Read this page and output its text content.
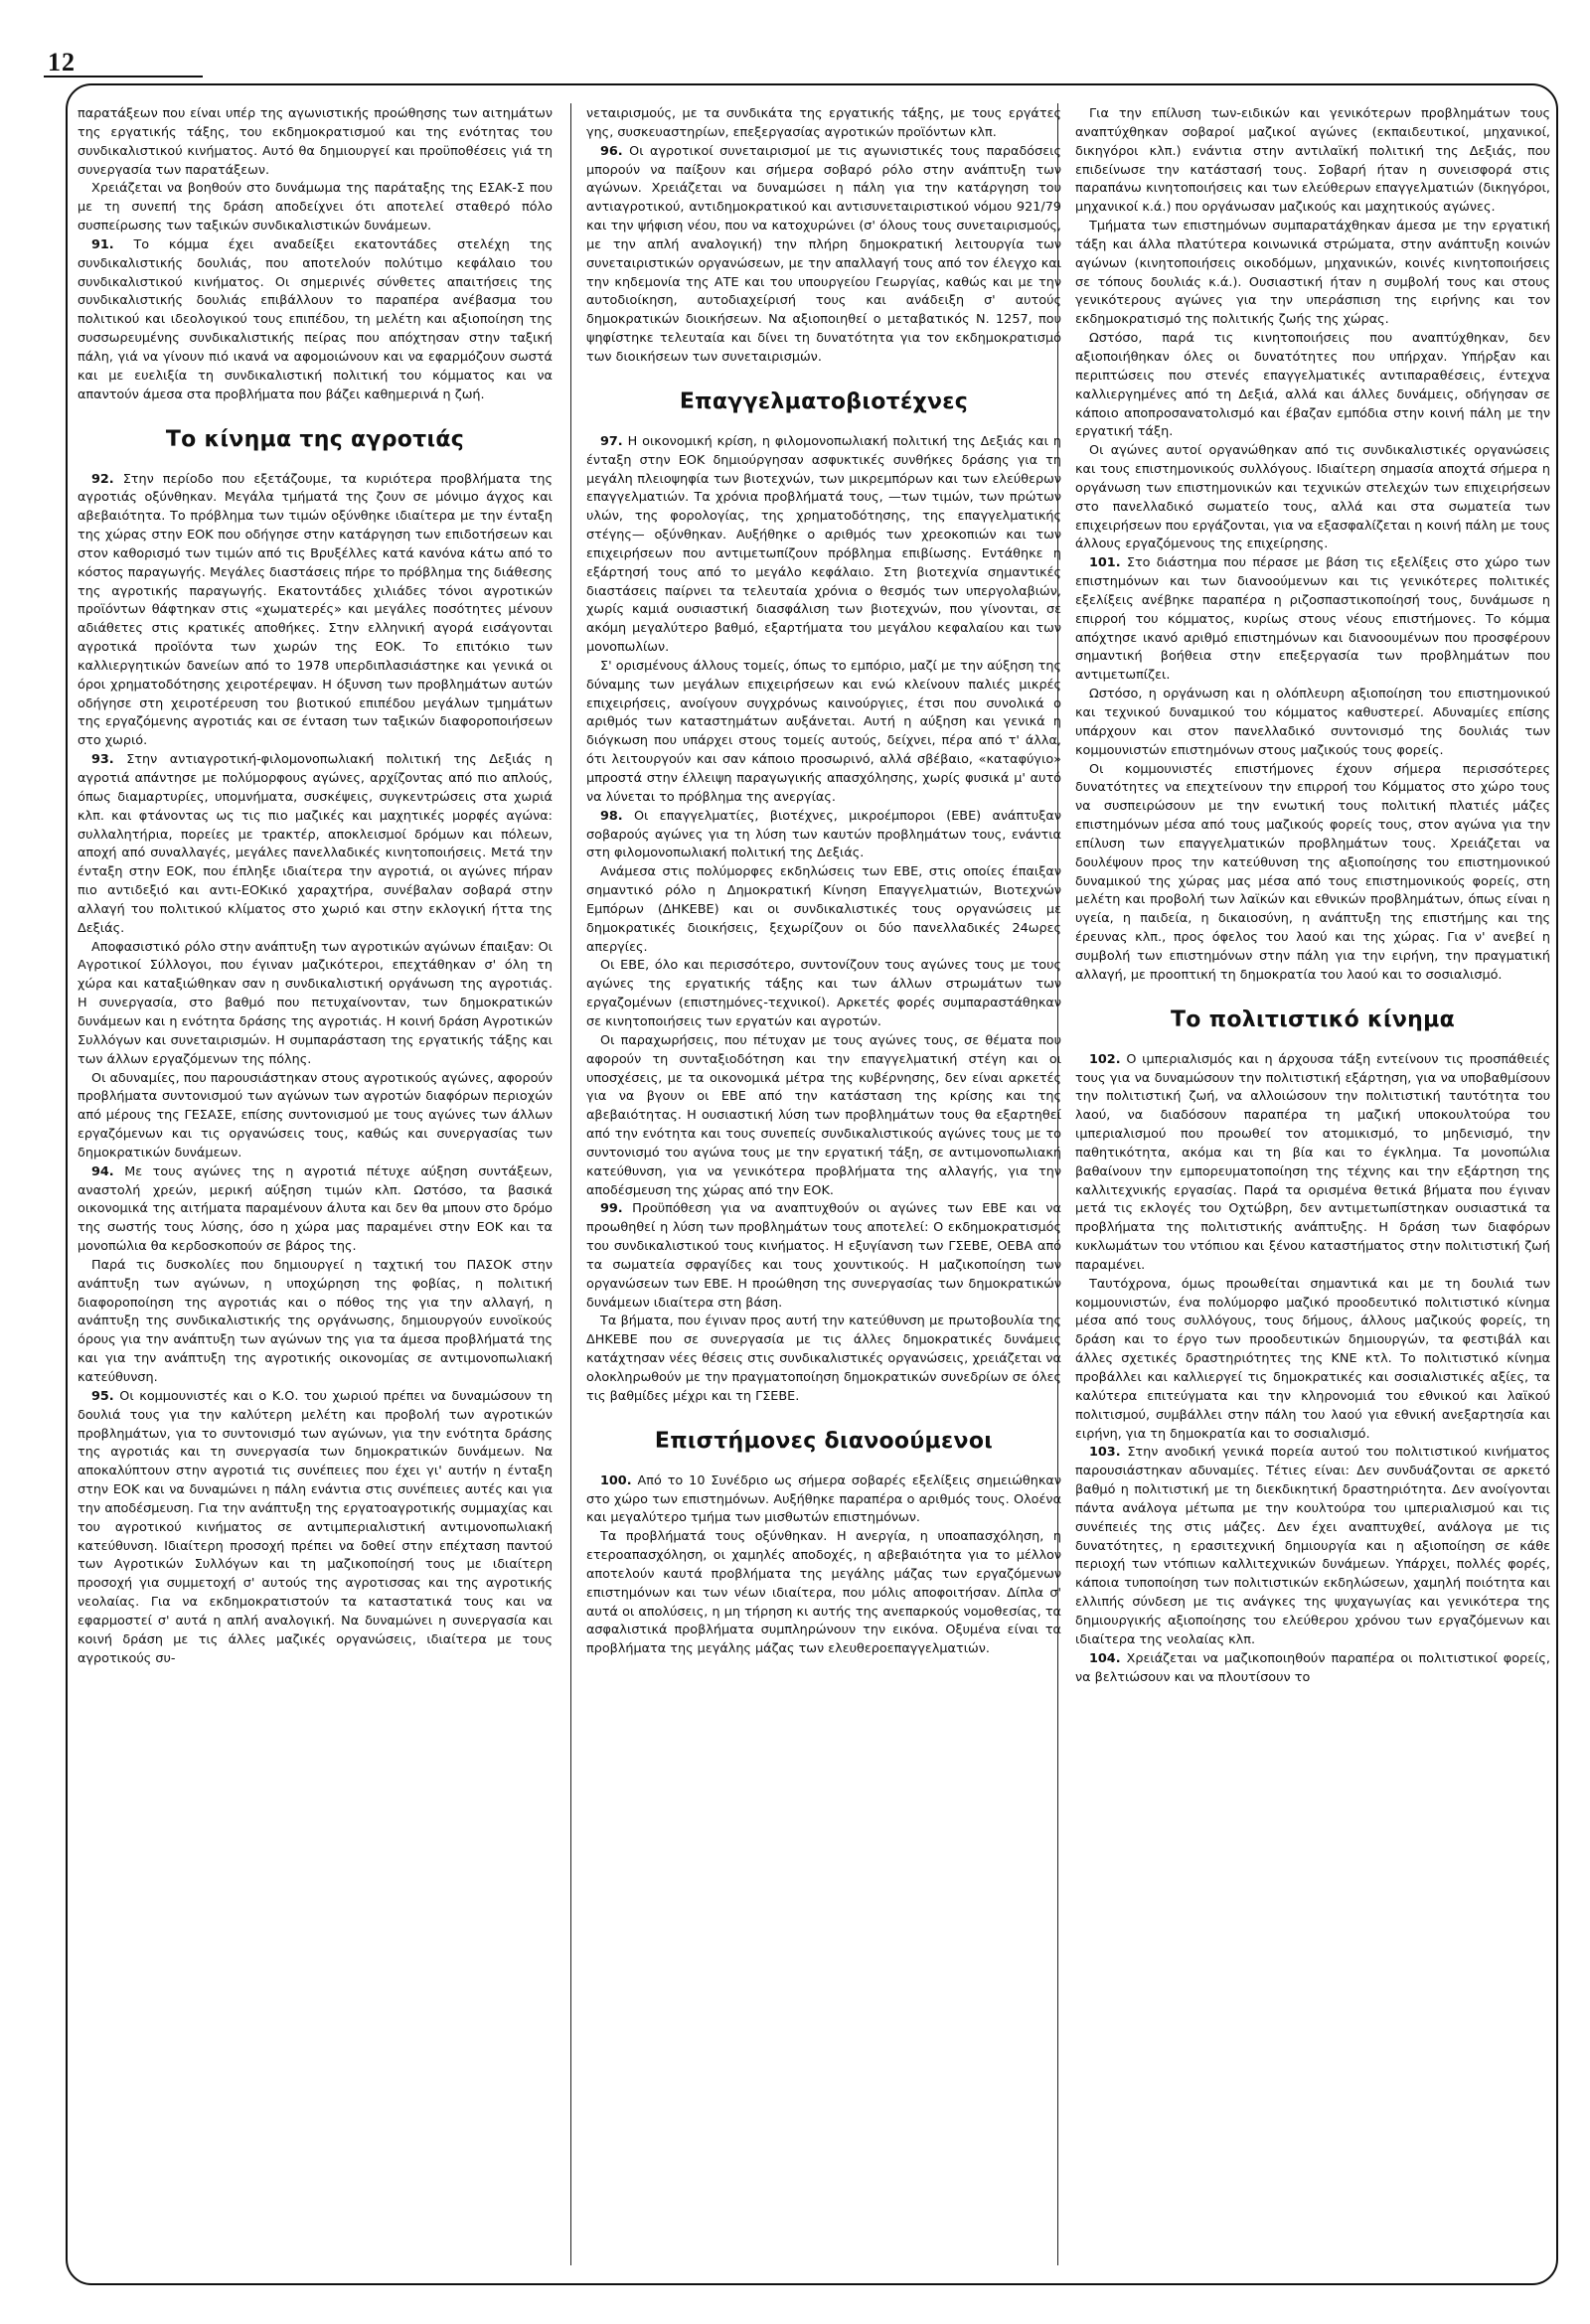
12

παρατάξεων που είναι υπέρ της αγωνιστικής προώθησης των αιτημάτων της εργατικής τάξης, του εκδημοκρατισμού και της ενότητας του συνδικαλιστικού κινήματος. Αυτό θα δημιουργεί και προϋποθέσεις γιά τη συνεργασία των παρατάξεων.

Χρειάζεται να βοηθούν στο δυνάμωμα της παράταξης της ΕΣΑΚ-Σ που με τη συνεπή της δράση αποδείχνει ότι αποτελεί σταθερό πόλο συσπείρωσης των ταξικών συνδικαλιστικών δυνάμεων.

91. Το κόμμα έχει αναδείξει εκατοντάδες στελέχη της συνδικαλιστικής δουλιάς, που αποτελούν πολύτιμο κεφάλαιο του συνδικαλιστικού κινήματος. Οι σημερινές σύνθετες απαιτήσεις της συνδικαλιστικής δουλιάς επιβάλλουν το παραπέρα ανέβασμα του πολιτικού και ιδεολογικού τους επιπέδου, τη μελέτη και αξιοποίηση της συσσωρευμένης συνδικαλιστικής πείρας που απόχτησαν στην ταξική πάλη, γιά να γίνουν πιό ικανά να αφομοιώνουν και να εφαρμόζουν σωστά και με ευελιξία τη συνδικαλιστική πολιτική του κόμματος και να απαντούν άμεσα στα προβλήματα που βάζει καθημερινά η ζωή.

Το κίνημα της αγροτιάς

92. Στην περίοδο που εξετάζουμε, τα κυριότερα προβλήματα της αγροτιάς οξύνθηκαν. Μεγάλα τμήματά της ζουν σε μόνιμο άγχος και αβεβαιότητα. Το πρόβλημα των τιμών οξύνθηκε ιδιαίτερα με την ένταξη της χώρας στην ΕΟΚ που οδήγησε στην κατάργηση των επιδοτήσεων και στον καθορισμό των τιμών από τις Βρυξέλλες κατά κανόνα κάτω από το κόστος παραγωγής. Μεγάλες διαστάσεις πήρε το πρόβλημα της διάθεσης της αγροτικής παραγωγής. Εκατοντάδες χιλιάδες τόνοι αγροτικών προϊόντων θάφτηκαν στις «χωματερές» και μεγάλες ποσότητες μένουν αδιάθετες στις κρατικές αποθήκες. Στην ελληνική αγορά εισάγονται αγροτικά προϊόντα των χωρών της ΕΟΚ. Το επιτόκιο των καλλιεργητικών δανείων από το 1978 υπερδιπλασιάστηκε και γενικά οι όροι χρηματοδότησης χειροτέρεψαν. Η όξυνση των προβλημάτων αυτών οδήγησε στη χειροτέρευση του βιοτικού επιπέδου μεγάλων τμημάτων της εργαζόμενης αγροτιάς και σε ένταση των ταξικών διαφοροποιήσεων στο χωριό.

93. Στην αντιαγροτική-φιλομονοπωλιακή πολιτική της Δεξιάς η αγροτιά απάντησε με πολύμορφους αγώνες, αρχίζοντας από πιο απλούς, όπως διαμαρτυρίες, υπομνήματα, συσκέψεις, συγκεντρώσεις στα χωριά κλπ. και φτάνοντας ως τις πιο μαζικές και μαχητικές μορφές αγώνα: συλλαλητήρια, πορείες με τρακτέρ, αποκλεισμοί δρόμων και πόλεων, αποχή από συναλλαγές, μεγάλες πανελλαδικές κινητοποιήσεις. Μετά την ένταξη στην ΕΟΚ, που έπληξε ιδιαίτερα την αγροτιά, οι αγώνες πήραν πιο αντιδεξιό και αντι-ΕΟΚικό χαραχτήρα, συνέβαλαν σοβαρά στην αλλαγή του πολιτικού κλίματος στο χωριό και στην εκλογική ήττα της Δεξιάς.

Αποφασιστικό ρόλο στην ανάπτυξη των αγροτικών αγώνων έπαιξαν: Οι Αγροτικοί Σύλλογοι, που έγιναν μαζικότεροι, επεχτάθηκαν σ' όλη τη χώρα και καταξιώθηκαν σαν η συνδικαλιστική οργάνωση της αγροτιάς. Η συνεργασία, στο βαθμό που πετυχαίνονταν, των δημοκρατικών δυνάμεων και η ενότητα δράσης της αγροτιάς. Η κοινή δράση Αγροτικών Συλλόγων και συνεταιρισμών. Η συμπαράσταση της εργατικής τάξης και των άλλων εργαζόμενων της πόλης.

Οι αδυναμίες, που παρουσιάστηκαν στους αγροτικούς αγώνες, αφορούν προβλήματα συντονισμού των αγώνων των αγροτών διαφόρων περιοχών από μέρους της ΓΕΣΑΣΕ, επίσης συντονισμού με τους αγώνες των άλλων εργαζόμενων και τις οργανώσεις τους, καθώς και συνεργασίας των δημοκρατικών δυνάμεων.

94. Με τους αγώνες της η αγροτιά πέτυχε αύξηση συντάξεων, αναστολή χρεών, μερική αύξηση τιμών κλπ. Ωστόσο, τα βασικά οικονομικά της αιτήματα παραμένουν άλυτα και δεν θα μπουν στο δρόμο της σωστής τους λύσης, όσο η χώρα μας παραμένει στην ΕΟΚ και τα μονοπώλια θα κερδοσκοπούν σε βάρος της.

Παρά τις δυσκολίες που δημιουργεί η ταχτική του ΠΑΣΟΚ στην ανάπτυξη των αγώνων, η υποχώρηση της φοβίας, η πολιτική διαφοροποίηση της αγροτιάς και ο πόθος της για την αλλαγή, η ανάπτυξη της συνδικαλιστικής της οργάνωσης, δημιουργούν ευνοϊκούς όρους για την ανάπτυξη των αγώνων της για τα άμεσα προβλήματά της και για την ανάπτυξη της αγροτικής οικονομίας σε αντιμονοπωλιακή κατεύθυνση.

95. Οι κομμουνιστές και ο Κ.Ο. του χωριού πρέπει να δυναμώσουν τη δουλιά τους για την καλύτερη μελέτη και προβολή των αγροτικών προβλημάτων, για το συντονισμό των αγώνων, για την ενότητα δράσης της αγροτιάς και τη συνεργασία των δημοκρατικών δυνάμεων. Να αποκαλύπτουν στην αγροτιά τις συνέπειες που έχει γι' αυτήν η ένταξη στην ΕΟΚ και να δυναμώνει η πάλη ενάντια στις συνέπειες αυτές και για την αποδέσμευση. Για την ανάπτυξη της εργατοαγροτικής συμμαχίας και του αγροτικού κινήματος σε αντιμπεριαλιστική αντιμονοπωλιακή κατεύθυνση. Ιδιαίτερη προσοχή πρέπει να δοθεί στην επέχταση παντού των Αγροτικών Συλλόγων και τη μαζικοποίησή τους με ιδιαίτερη προσοχή για συμμετοχή σ' αυτούς της αγροτισσας και της αγροτικής νεολαίας. Για να εκδημοκρατιστούν τα καταστατικά τους και να εφαρμοστεί σ' αυτά η απλή αναλογική. Να δυναμώνει η συνεργασία και κοινή δράση με τις άλλες μαζικές οργανώσεις, ιδιαίτερα με τους αγροτικούς συ-

νεταιρισμούς, με τα συνδικάτα της εργατικής τάξης, με τους εργάτες γης, συσκευαστηρίων, επεξεργασίας αγροτικών προϊόντων κλπ.

96. Οι αγροτικοί συνεταιρισμοί με τις αγωνιστικές τους παραδόσεις μπορούν να παίξουν και σήμερα σοβαρό ρόλο στην ανάπτυξη των αγώνων. Χρειάζεται να δυναμώσει η πάλη για την κατάργηση του αντιαγροτικού, αντιδημοκρατικού και αντισυνεταιριστικού νόμου 921/79 και την ψήφιση νέου, που να κατοχυρώνει (σ' όλους τους συνεταιρισμούς, με την απλή αναλογική) την πλήρη δημοκρατική λειτουργία των συνεταιριστικών οργανώσεων, με την απαλλαγή τους από τον έλεγχο και την κηδεμονία της ΑΤΕ και του υπουργείου Γεωργίας, καθώς και με την αυτοδιοίκηση, αυτοδιαχείρισή τους και ανάδειξη σ' αυτούς δημοκρατικών διοικήσεων. Να αξιοποιηθεί ο μεταβατικός Ν. 1257, που ψηφίστηκε τελευταία και δίνει τη δυνατότητα για τον εκδημοκρατισμό των διοικήσεων των συνεταιρισμών.

Επαγγελματοβιοτέχνες

97. Η οικονομική κρίση, η φιλομονοπωλιακή πολιτική της Δεξιάς και η ένταξη στην ΕΟΚ δημιούργησαν ασφυκτικές συνθήκες δράσης για τη μεγάλη πλειοψηφία των βιοτεχνών, των μικρεμπόρων και των ελεύθερων επαγγελματιών. Τα χρόνια προβλήματά τους, —των τιμών, των πρώτων υλών, της φορολογίας, της χρηματοδότησης, της επαγγελματικής στέγης— οξύνθηκαν. Αυξήθηκε ο αριθμός των χρεοκοπιών και των επιχειρήσεων που αντιμετωπίζουν πρόβλημα επιβίωσης. Εντάθηκε η εξάρτησή τους από το μεγάλο κεφάλαιο. Στη βιοτεχνία σημαντικές διαστάσεις παίρνει τα τελευταία χρόνια ο θεσμός των υπεργολαβιών, χωρίς καμιά ουσιαστική διασφάλιση των βιοτεχνών, που γίνονται, σε ακόμη μεγαλύτερο βαθμό, εξαρτήματα του μεγάλου κεφαλαίου και των μονοπωλίων.

Σ' ορισμένους άλλους τομείς, όπως το εμπόριο, μαζί με την αύξηση της δύναμης των μεγάλων επιχειρήσεων και ενώ κλείνουν παλιές μικρές επιχειρήσεις, ανοίγουν συγχρόνως καινούργιες, έτσι που συνολικά ο αριθμός των καταστημάτων αυξάνεται. Αυτή η αύξηση και γενικά η διόγκωση που υπάρχει στους τομείς αυτούς, δείχνει, πέρα από τ' άλλα, ότι λειτουργούν και σαν κάποιο προσωρινό, αλλά σβέβαιο, «καταφύγιο» μπροστά στην έλλειψη παραγωγικής απασχόλησης, χωρίς φυσικά μ' αυτό να λύνεται το πρόβλημα της ανεργίας.

98. Οι επαγγελματίες, βιοτέχνες, μικροέμποροι (ΕΒΕ) ανάπτυξαν σοβαρούς αγώνες για τη λύση των καυτών προβλημάτων τους, ενάντια στη φιλομονοπωλιακή πολιτική της Δεξιάς.

Ανάμεσα στις πολύμορφες εκδηλώσεις των ΕΒΕ, στις οποίες έπαιξαν σημαντικό ρόλο η Δημοκρατική Κίνηση Επαγγελματιών, Βιοτεχνών Εμπόρων (ΔΗΚΕΒΕ) και οι συνδικαλιστικές τους οργανώσεις με δημοκρατικές διοικήσεις, ξεχωρίζουν οι δύο πανελλαδικές 24ωρες απεργίες.

Οι ΕΒΕ, όλο και περισσότερο, συντονίζουν τους αγώνες τους με τους αγώνες της εργατικής τάξης και των άλλων στρωμάτων των εργαζομένων (επιστημόνες-τεχνικοί). Αρκετές φορές συμπαραστάθηκαν σε κινητοποιήσεις των εργατών και αγροτών.

Οι παραχωρήσεις, που πέτυχαν με τους αγώνες τους, σε θέματα που αφορούν τη συνταξιοδότηση και την επαγγελματική στέγη και οι υποσχέσεις, με τα οικονομικά μέτρα της κυβέρνησης, δεν είναι αρκετές για να βγουν οι ΕΒΕ από την κατάσταση της κρίσης και της αβεβαιότητας. Η ουσιαστική λύση των προβλημάτων τους θα εξαρτηθεί από την ενότητα και τους συνεπείς συνδικαλιστικούς αγώνες τους με το συντονισμό του αγώνα τους με την εργατική τάξη, σε αντιμονοπωλιακή κατεύθυνση, για να γενικότερα προβλήματα της αλλαγής, για την αποδέσμευση της χώρας από την ΕΟΚ.

99. Προϋπόθεση για να αναπτυχθούν οι αγώνες των ΕΒΕ και να προωθηθεί η λύση των προβλημάτων τους αποτελεί: Ο εκδημοκρατισμός του συνδικαλιστικού τους κινήματος. Η εξυγίανση των ΓΣΕΒΕ, ΟΕΒΑ από τα σωματεία σφραγίδες και τους χουντικούς. Η μαζικοποίηση των οργανώσεων των ΕΒΕ. Η προώθηση της συνεργασίας των δημοκρατικών δυνάμεων ιδιαίτερα στη βάση.

Τα βήματα, που έγιναν προς αυτή την κατεύθυνση με πρωτοβουλία της ΔΗΚΕΒΕ που σε συνεργασία με τις άλλες δημοκρατικές δυνάμεις κατάχτησαν νέες θέσεις στις συνδικαλιστικές οργανώσεις, χρειάζεται να ολοκληρωθούν με την πραγματοποίηση δημοκρατικών συνεδρίων σε όλες τις βαθμίδες μέχρι και τη ΓΣΕΒΕ.

Επιστήμονες διανοούμενοι

100. Από το 10 Συνέδριο ως σήμερα σοβαρές εξελίξεις σημειώθηκαν στο χώρο των επιστημόνων. Αυξήθηκε παραπέρα ο αριθμός τους. Ολοένα και μεγαλύτερο τμήμα των μισθωτών επιστημόνων.

Τα προβλήματά τους οξύνθηκαν. Η ανεργία, η υποαπασχόληση, η ετεροαπασχόληση, οι χαμηλές αποδοχές, η αβεβαιότητα για το μέλλον αποτελούν καυτά προβλήματα της μεγάλης μάζας των εργαζόμενων επιστημόνων και των νέων ιδιαίτερα, που μόλις αποφοιτήσαν. Δίπλα σ' αυτά οι απολύσεις, η μη τήρηση κι αυτής της ανεπαρκούς νομοθεσίας, τα ασφαλιστικά προβλήματα συμπληρώνουν την εικόνα. Οξυμένα είναι τα προβλήματα της μεγάλης μάζας των ελευθεροεπαγγελματιών.

Για την επίλυση των-ειδικών και γενικότερων προβλημάτων τους αναπτύχθηκαν σοβαροί μαζικοί αγώνες (εκπαιδευτικοί, μηχανικοί, δικηγόροι κλπ.) ενάντια στην αντιλαϊκή πολιτική της Δεξιάς, που επιδείνωσε την κατάστασή τους. Σοβαρή ήταν η συνεισφορά στις παραπάνω κινητοποιήσεις και των ελεύθερων επαγγελματιών (δικηγόροι, μηχανικοί κ.ά.) που οργάνωσαν μαζικούς και μαχητικούς αγώνες.

Τμήματα των επιστημόνων συμπαρατάχθηκαν άμεσα με την εργατική τάξη και άλλα πλατύτερα κοινωνικά στρώματα, στην ανάπτυξη κοινών αγώνων (κινητοποιήσεις οικοδόμων, μηχανικών, κοινές κινητοποιήσεις σε τόπους δουλιάς κ.ά.). Ουσιαστική ήταν η συμβολή τους και στους γενικότερους αγώνες για την υπεράσπιση της ειρήνης και τον εκδημοκρατισμό της πολιτικής ζωής της χώρας.

Ωστόσο, παρά τις κινητοποιήσεις που αναπτύχθηκαν, δεν αξιοποιήθηκαν όλες οι δυνατότητες που υπήρχαν. Υπήρξαν και περιπτώσεις που στενές επαγγελματικές αντιπαραθέσεις, έντεχνα καλλιεργημένες από τη Δεξιά, αλλά και άλλες δυνάμεις, οδήγησαν σε κάποιο αποπροσανατολισμό και έβαζαν εμπόδια στην κοινή πάλη με την εργατική τάξη.

Οι αγώνες αυτοί οργανώθηκαν από τις συνδικαλιστικές οργανώσεις και τους επιστημονικούς συλλόγους. Ιδιαίτερη σημασία αποχτά σήμερα η οργάνωση των επιστημονικών και τεχνικών στελεχών των επιχειρήσεων στο πανελλαδικό σωματείο τους, αλλά και στα σωματεία των επιχειρήσεων που εργάζονται, για να εξασφαλίζεται η κοινή πάλη με τους άλλους εργαζόμενους της επιχείρησης.

101. Στο διάστημα που πέρασε με βάση τις εξελίξεις στο χώρο των επιστημόνων και των διανοούμενων και τις γενικότερες πολιτικές εξελίξεις ανέβηκε παραπέρα η ριζοσπαστικοποίησή τους, δυνάμωσε η επιρροή του κόμματος, κυρίως στους νέους επιστήμονες. Το κόμμα απόχτησε ικανό αριθμό επιστημόνων και διανοουμένων που προσφέρουν σημαντική βοήθεια στην επεξεργασία των προβλημάτων που αντιμετωπίζει.

Ωστόσο, η οργάνωση και η ολόπλευρη αξιοποίηση του επιστημονικού και τεχνικού δυναμικού του κόμματος καθυστερεί. Αδυναμίες επίσης υπάρχουν και στον πανελλαδικό συντονισμό της δουλιάς των κομμουνιστών επιστημόνων στους μαζικούς τους φορείς.

Οι κομμουνιστές επιστήμονες έχουν σήμερα περισσότερες δυνατότητες να επεχτείνουν την επιρροή του Κόμματος στο χώρο τους να συσπειρώσουν με την ενωτική τους πολιτική πλατιές μάζες επιστημόνων μέσα από τους μαζικούς φορείς τους, στον αγώνα για την επίλυση των επαγγελματικών προβλημάτων τους. Χρειάζεται να δουλέψουν προς την κατεύθυνση της αξιοποίησης του επιστημονικού δυναμικού της χώρας μας μέσα από τους επιστημονικούς φορείς, στη μελέτη και προβολή των λαϊκών και εθνικών προβλημάτων, όπως είναι η υγεία, η παιδεία, η δικαιοσύνη, η ανάπτυξη της επιστήμης και της έρευνας κλπ., προς όφελος του λαού και της χώρας. Για ν' ανεβεί η συμβολή των επιστημόνων στην πάλη για την ειρήνη, την πραγματική αλλαγή, με προοπτική τη δημοκρατία του λαού και το σοσιαλισμό.

Το πολιτιστικό κίνημα

102. Ο ιμπεριαλισμός και η άρχουσα τάξη εντείνουν τις προσπάθειές τους για να δυναμώσουν την πολιτιστική εξάρτηση, για να υποβαθμίσουν την πολιτιστική ζωή, να αλλοιώσουν την πολιτιστική ταυτότητα του λαού, να διαδόσουν παραπέρα τη μαζική υποκουλτούρα του ιμπεριαλισμού που προωθεί τον ατομικισμό, το μηδενισμό, την παθητικότητα, ακόμα και τη βία και το έγκλημα. Τα μονοπώλια βαθαίνουν την εμπορευματοποίηση της τέχνης και την εξάρτηση της καλλιτεχνικής εργασίας. Παρά τα ορισμένα θετικά βήματα που έγιναν μετά τις εκλογές του Οχτώβρη, δεν αντιμετωπίστηκαν ουσιαστικά τα προβλήματα της πολιτιστικής ανάπτυξης. Η δράση των διαφόρων κυκλωμάτων του ντόπιου και ξένου καταστήματος στην πολιτιστική ζωή παραμένει.

Ταυτόχρονα, όμως προωθείται σημαντικά και με τη δουλιά των κομμουνιστών, ένα πολύμορφο μαζικό προοδευτικό πολιτιστικό κίνημα μέσα από τους συλλόγους, τους δήμους, άλλους μαζικούς φορείς, τη δράση και το έργο των προοδευτικών δημιουργών, τα φεστιβάλ και άλλες σχετικές δραστηριότητες της ΚΝΕ κτλ. Το πολιτιστικό κίνημα προβάλλει και καλλιεργεί τις δημοκρατικές και σοσιαλιστικές αξίες, τα καλύτερα επιτεύγματα και την κληρονομιά του εθνικού και λαϊκού πολιτισμού, συμβάλλει στην πάλη του λαού για εθνική ανεξαρτησία και ειρήνη, για τη δημοκρατία και το σοσιαλισμό.

103. Στην ανοδική γενικά πορεία αυτού του πολιτιστικού κινήματος παρουσιάστηκαν αδυναμίες. Τέτιες είναι: Δεν συνδυάζονται σε αρκετό βαθμό η πολιτιστική με τη διεκδικητική δραστηριότητα. Δεν ανοίγονται πάντα ανάλογα μέτωπα με την κουλτούρα του ιμπεριαλισμού και τις συνέπειές της στις μάζες. Δεν έχει αναπτυχθεί, ανάλογα με τις δυνατότητες, η ερασιτεχνική δημιουργία και η αξιοποίηση σε κάθε περιοχή των ντόπιων καλλιτεχνικών δυνάμεων. Υπάρχει, πολλές φορές, κάποια τυποποίηση των πολιτιστικών εκδηλώσεων, χαμηλή ποιότητα και ελλιπής σύνδεση με τις ανάγκες της ψυχαγωγίας και γενικότερα της δημιουργικής αξιοποίησης του ελεύθερου χρόνου των εργαζόμενων και ιδιαίτερα της νεολαίας κλπ.

104. Χρειάζεται να μαζικοποιηθούν παραπέρα οι πολιτιστικοί φορείς, να βελτιώσουν και να πλουτίσουν το
